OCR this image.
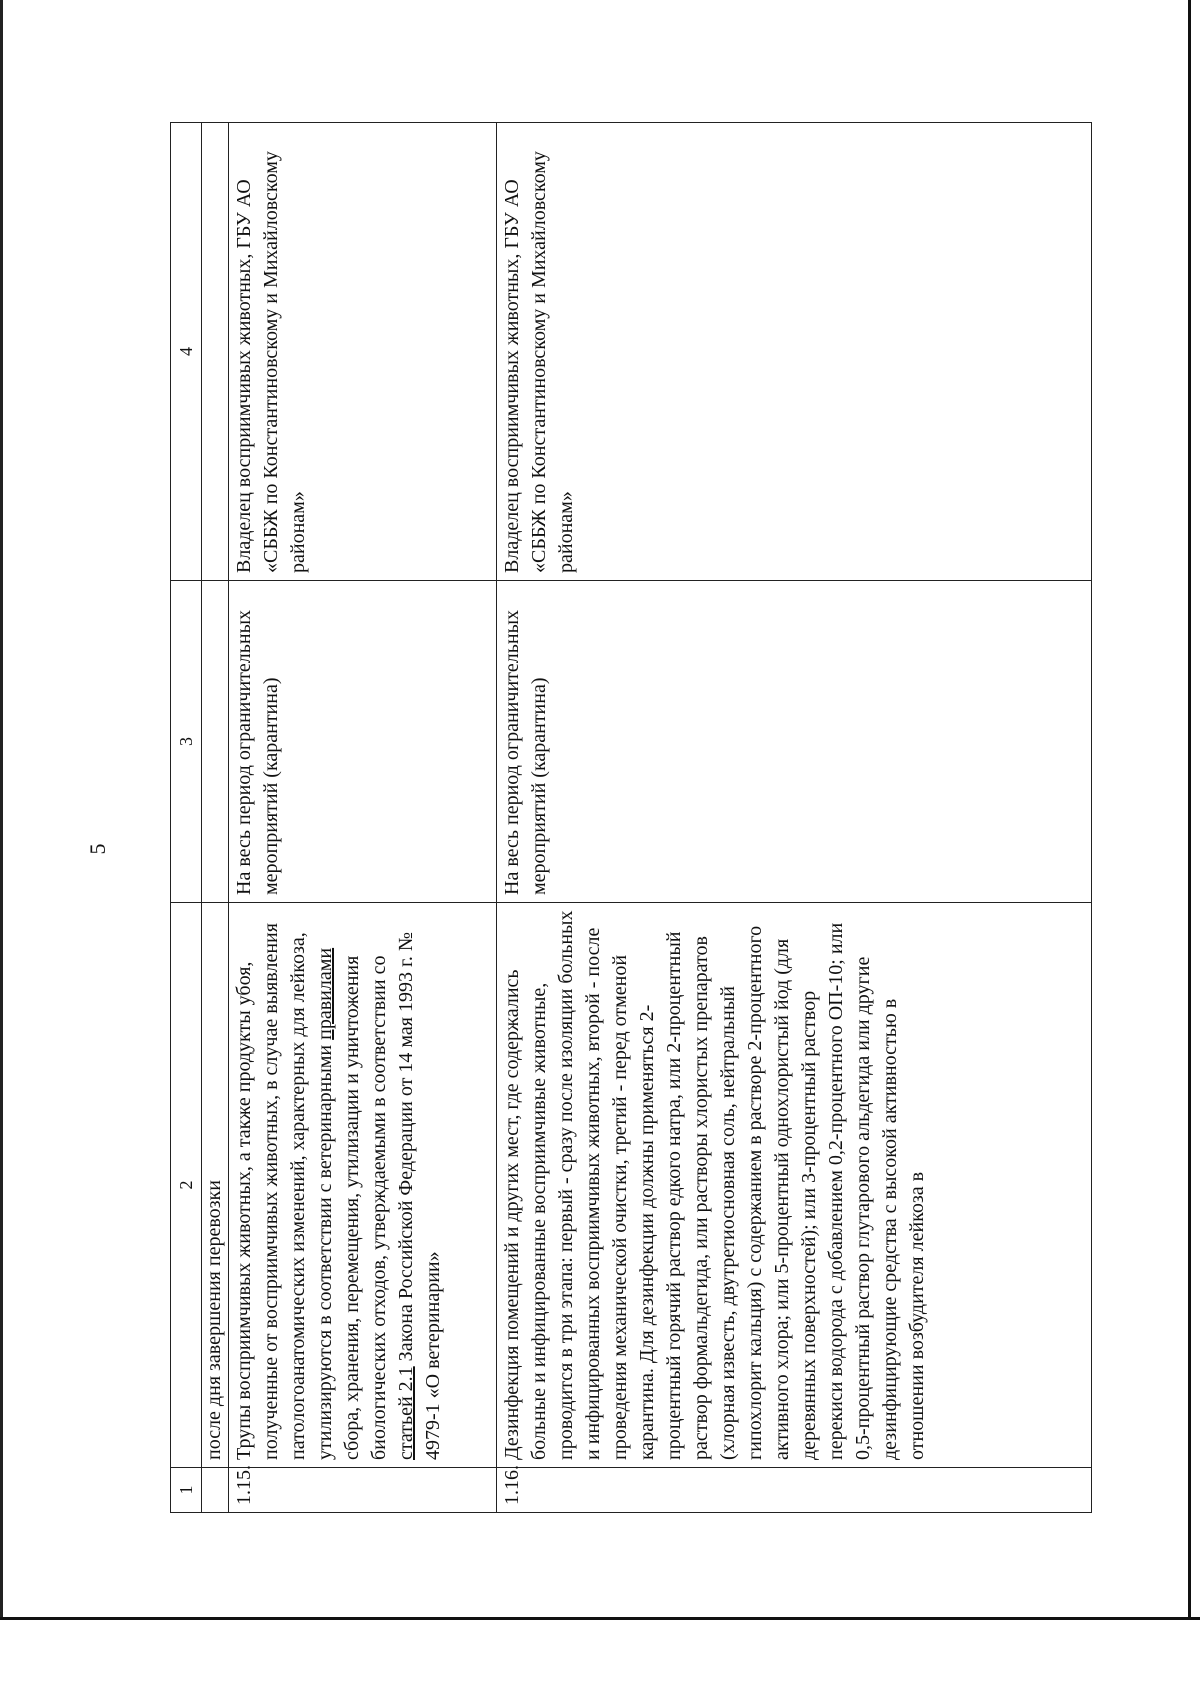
5
1	2	3	4
	после дня завершения перевозки		
1.15.	Трупы восприимчивых животных, а также продукты убоя, полученные от восприимчивых животных, в случае выявления патологоанатомических изменений, характерных для лейкоза, утилизируются в соответствии с ветеринарными правилами сбора, хранения, перемещения, утилизации и уничтожения биологических отходов, утверждаемыми в соответствии со статьей 2.1 Закона Российской Федерации от 14 мая 1993 г. № 4979-1 «О ветеринарии»	На весь период ограничительных мероприятий (карантина)	Владелец восприимчивых животных, ГБУ АО «СББЖ по Константиновскому и Михайловскому районам»
1.16.	Дезинфекция помещений и других мест, где содержались больные и инфицированные восприимчивые животные, проводится в три этапа: первый - сразу после изоляции больных и инфицированных восприимчивых животных, второй - после проведения механической очистки, третий - перед отменой карантина. Для дезинфекции должны применяться 2-процентный горячий раствор едкого натра, или 2-процентный раствор формальдегида, или растворы хлористых препаратов (хлорная известь, двутретиосновная соль, нейтральный гипохлорит кальция) с содержанием в растворе 2-процентного активного хлора; или 5-процентный однохлористый йод (для деревянных поверхностей); или 3-процентный раствор перекиси водорода с добавлением 0,2-процентного ОП-10; или 0,5-процентный раствор глутарового альдегида или другие дезинфицирующие средства с высокой активностью в отношении возбудителя лейкоза в	На весь период ограничительных мероприятий (карантина)	Владелец восприимчивых животных, ГБУ АО «СББЖ по Константиновскому и Михайловскому районам»
